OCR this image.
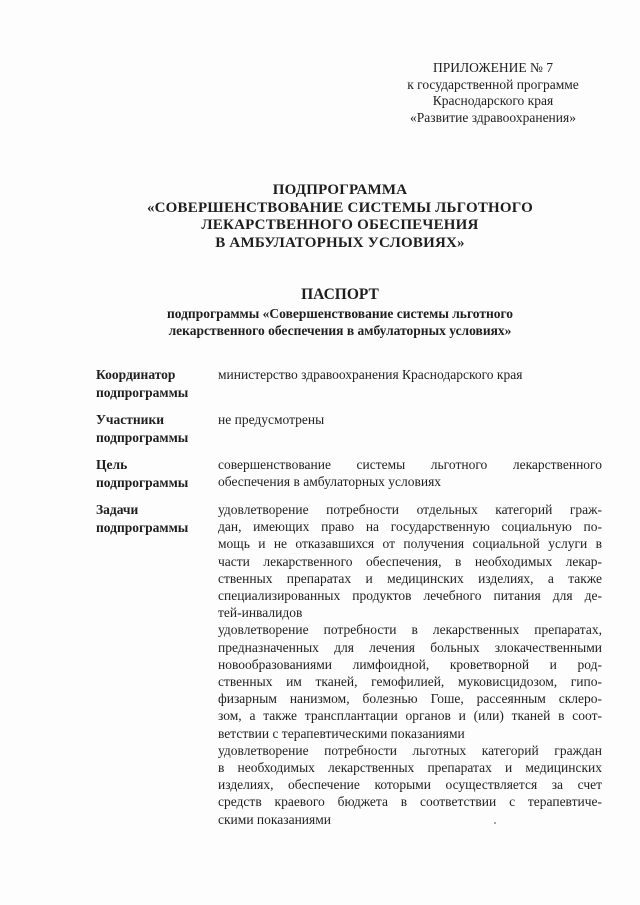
ПРИЛОЖЕНИЕ № 7
к государственной программе
Краснодарского края
«Развитие здравоохранения»
ПОДПРОГРАММА
«СОВЕРШЕНСТВОВАНИЕ СИСТЕМЫ ЛЬГОТНОГО
ЛЕКАРСТВЕННОГО ОБЕСПЕЧЕНИЯ
В АМБУЛАТОРНЫХ УСЛОВИЯХ»
ПАСПОРТ
подпрограммы «Совершенствование системы льготного
лекарственного обеспечения в амбулаторных условиях»
Координатор
подпрограммы
министерство здравоохранения Краснодарского края
Участники
подпрограммы
не предусмотрены
Цель
подпрограммы
совершенствование системы льготного лекарственного
обеспечения в амбулаторных условиях
Задачи
подпрограммы
удовлетворение потребности отдельных категорий граж-
дан, имеющих право на государственную социальную по-
мощь и не отказавшихся от получения социальной услуги в
части лекарственного обеспечения, в необходимых лекар-
ственных препаратах и медицинских изделиях, а также
специализированных продуктов лечебного питания для де-
тей-инвалидов
удовлетворение потребности в лекарственных препаратах,
предназначенных для лечения больных злокачественными
новообразованиями лимфоидной, кроветворной и род-
ственных им тканей, гемофилией, муковисцидозом, гипо-
физарным нанизмом, болезнью Гоше, рассеянным склеро-
зом, а также трансплантации органов и (или) тканей в соот-
ветствии с терапевтическими показаниями
удовлетворение потребности льготных категорий граждан
в необходимых лекарственных препаратах и медицинских
изделиях, обеспечение которыми осуществляется за счет
средств краевого бюджета в соответствии с терапевтиче-
скими показаниями
